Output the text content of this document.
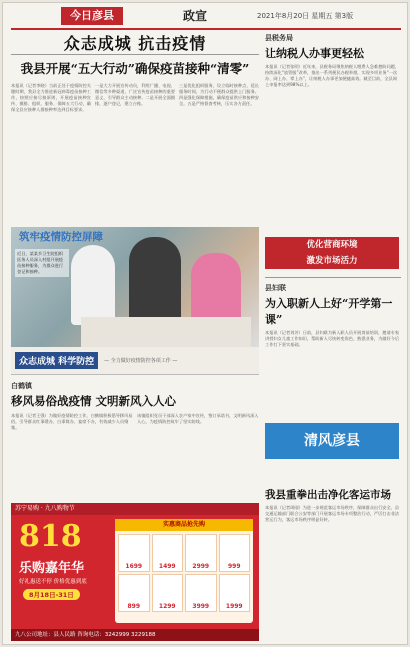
今日彦县	政宣	2021年8月20日 星期五 第3版
众志成城 抗击疫情
我县开展“五大行动”确保疫苗接种“清零”
本报讯（记者李晓）当前正处于疫情防控关键时期，我县全力推进新冠病毒疫苗接种工作，按照应接尽接原则，开展疫苗接种宣传、摸排、组织、服务、保障五大行动，确保全县应接种人群接种率达到目标要求。
一是大力开展宣传动员，利用广播、电视、微信等多种渠道，广泛宣传疫苗接种的重要意义，引导群众主动接种。二是开展全面摸排，逐户登记，建立台账。
三是优化组织服务，设立临时接种点，延长服务时间，为行动不便群众提供上门服务。四是强化保障措施，确保疫苗供应和接种安全。五是严格督查考核，压实各方责任。
筑牢疫情防控屏障
近日，某某乡卫生院组织医务人员深入村组开展疫苗接种服务，为群众进行登记和接种。
众志成城 科学防控	— 全力做好疫情防控各项工作 —
白鹤镇
移风易俗战疫情 文明新风入人心
本报讯（记者王强）为做好疫情防控工作，白鹤镇积极倡导移风易俗，引导群众红事缓办、白事简办、宴席不办，有效减少人员聚集。
该镇组织党员干部深入农户家中宣传，签订承诺书，文明新风深入人心，为疫情防控筑牢了坚实防线。
县税务局
让纳税人办事更轻松
本报讯（记者张明）近年来，县税务局聚焦纳税人缴费人急难愁盼问题，持续深化“放管服”改革，推出一系列便民办税举措，实现多项业务“一次办、网上办、掌上办”，让纳税人办事更加便捷高效。截至目前，全县网上申报率达到98%以上。
优化营商环境
激发市场活力
县妇联
为入职新人上好“开学第一课”
本报讯（记者刘芳）日前，县妇联为新入职人员开展岗前培训，邀请专家讲授妇女儿童工作知识，帮助新人尽快转变角色、熟悉业务，为做好今后工作打下坚实基础。
清风彦县
我县重拳出击净化客运市场
本报讯（记者周刚）为进一步规范客运市场秩序，保障群众出行安全，县交通运输部门联合公安等部门开展客运市场专项整治行动，严厉打击非法营运行为，客运市场秩序明显好转。
苏宁易购 · 九八购物节
818
乐购嘉年华
好礼惠送不停 价格优惠到底
8月18日-31日
实惠商品抢先购
1699	1499	2999	999
899	1299	3999	1999
九八公司地址：县人民路 咨询电话：3242999 3229188
